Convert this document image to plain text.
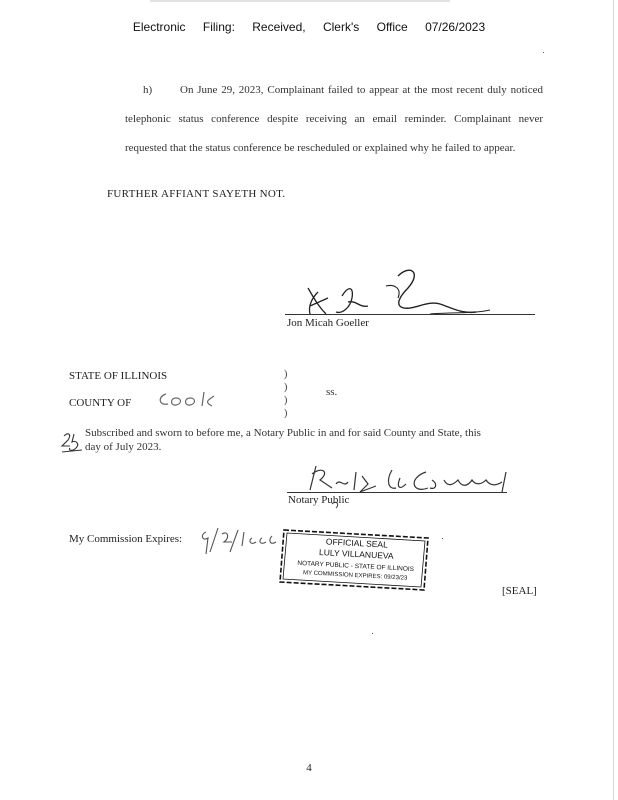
Electronic Filing: Received, Clerk's Office 07/26/2023
h)	On June 29, 2023, Complainant failed to appear at the most recent duly noticed telephonic status conference despite receiving an email reminder. Complainant never requested that the status conference be rescheduled or explained why he failed to appear.
FURTHER AFFIANT SAYETH NOT.
Jon Micah Goeller
STATE OF ILLINOIS
COUNTY OF
)
)
)
)
ss.
Subscribed and sworn to before me, a Notary Public in and for said County and State, this
day of July 2023.
Notary Public
My Commission Expires:	OFFICIAL SEAL
LULY VILLANUEVA
NOTARY PUBLIC - STATE OF ILLINOIS
MY COMMISSION EXPIRES: 09/23/23
[SEAL]
4
